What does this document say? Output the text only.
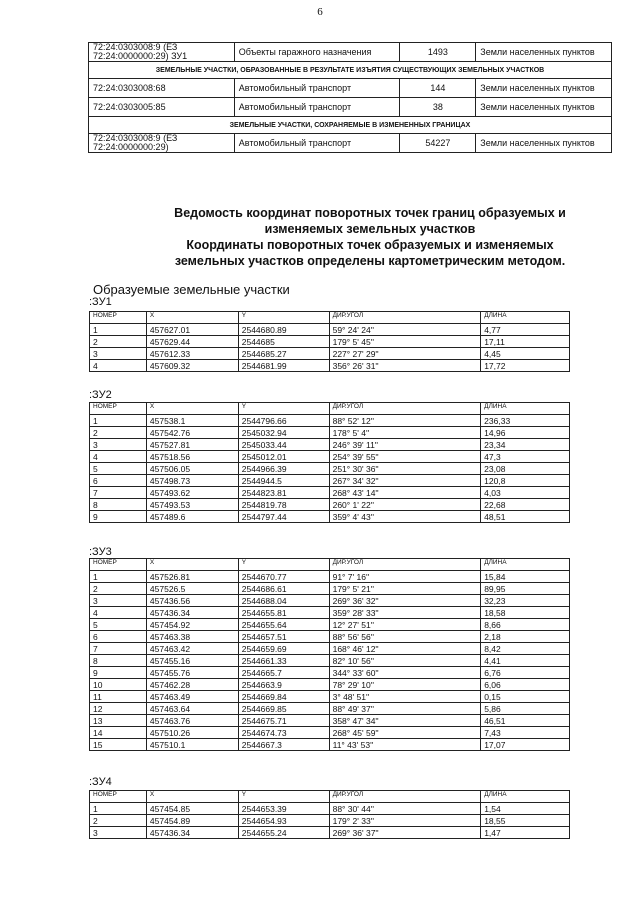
6
72:24:0303008:9 (ЕЗ 72:24:0000000:29) ЗУ1	Объекты гаражного назначения	1493	Земли населенных пунктов
ЗЕМЕЛЬНЫЕ УЧАСТКИ, ОБРАЗОВАННЫЕ В РЕЗУЛЬТАТЕ ИЗЪЯТИЯ СУЩЕСТВУЮЩИХ ЗЕМЕЛЬНЫХ УЧАСТКОВ			
72:24:0303008:68	Автомобильный транспорт	144	Земли населенных пунктов
72:24:0303005:85	Автомобильный транспорт	38	Земли населенных пунктов
ЗЕМЕЛЬНЫЕ УЧАСТКИ, СОХРАНЯЕМЫЕ В ИЗМЕНЕННЫХ ГРАНИЦАХ			
72:24:0303008:9 (ЕЗ 72:24:0000000:29)	Автомобильный транспорт	54227	Земли населенных пунктов
Ведомость координат поворотных точек границ образуемых и
изменяемых земельных участков
Координаты поворотных точек образуемых и изменяемых
земельных участков определены картометрическим методом.
Образуемые земельные участки
:ЗУ1
НОМЕР	X	Y	ДИР.УГОЛ	ДЛИНА
1	457627.01	2544680.89	59° 24' 24''	4,77
2	457629.44	2544685	179° 5' 45''	17,11
3	457612.33	2544685.27	227° 27' 29''	4,45
4	457609.32	2544681.99	356° 26' 31''	17,72
:ЗУ2
НОМЕР	X	Y	ДИР.УГОЛ	ДЛИНА
1	457538.1	2544796.66	88° 52' 12''	236,33
2	457542.76	2545032.94	178° 5' 4''	14,96
3	457527.81	2545033.44	246° 39' 11''	23,34
4	457518.56	2545012.01	254° 39' 55''	47,3
5	457506.05	2544966.39	251° 30' 36''	23,08
6	457498.73	2544944.5	267° 34' 32''	120,8
7	457493.62	2544823.81	268° 43' 14''	4,03
8	457493.53	2544819.78	260° 1' 22''	22,68
9	457489.6	2544797.44	359° 4' 43''	48,51
:ЗУ3
НОМЕР	X	Y	ДИР.УГОЛ	ДЛИНА
1	457526.81	2544670.77	91° 7' 16''	15,84
2	457526.5	2544686.61	179° 5' 21''	89,95
3	457436.56	2544688.04	269° 36' 32''	32,23
4	457436.34	2544655.81	359° 28' 33''	18,58
5	457454.92	2544655.64	12° 27' 51''	8,66
6	457463.38	2544657.51	88° 56' 56''	2,18
7	457463.42	2544659.69	168° 46' 12''	8,42
8	457455.16	2544661.33	82° 10' 56''	4,41
9	457455.76	2544665.7	344° 33' 60''	6,76
10	457462.28	2544663.9	78° 29' 10''	6,06
11	457463.49	2544669.84	3° 48' 51''	0,15
12	457463.64	2544669.85	88° 49' 37''	5,86
13	457463.76	2544675.71	358° 47' 34''	46,51
14	457510.26	2544674.73	268° 45' 59''	7,43
15	457510.1	2544667.3	11° 43' 53''	17,07
:ЗУ4
НОМЕР	X	Y	ДИР.УГОЛ	ДЛИНА
1	457454.85	2544653.39	88° 30' 44''	1,54
2	457454.89	2544654.93	179° 2' 33''	18,55
3	457436.34	2544655.24	269° 36' 37''	1,47
